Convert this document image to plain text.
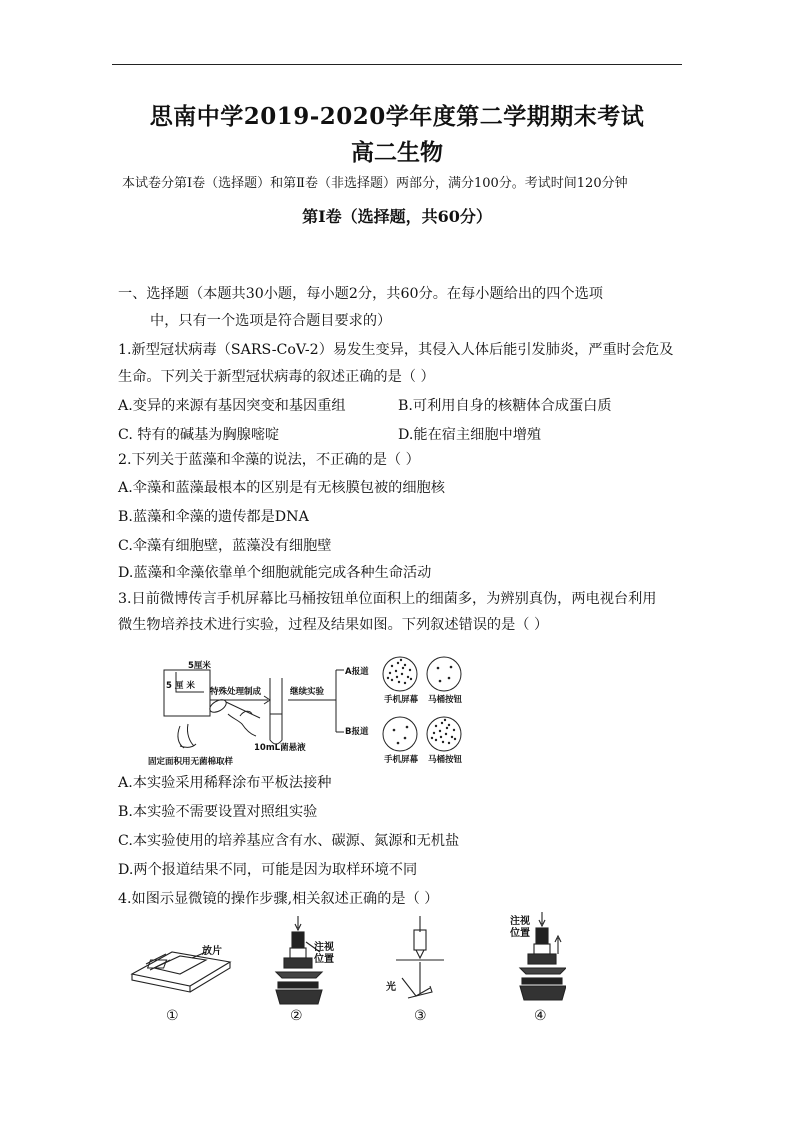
思南中学2019-2020学年度第二学期期末考试
高二生物
本试卷分第Ⅰ卷（选择题）和第Ⅱ卷（非选择题）两部分，满分100分。考试时间120分钟
第Ⅰ卷（选择题，共60分）
一、选择题（本题共30小题，每小题2分，共60分。在每小题给出的四个选项
中，只有一个选项是符合题目要求的）
1.新型冠状病毒（SARS-CoV-2）易发生变异，其侵入人体后能引发肺炎，严重时会危及
生命。下列关于新型冠状病毒的叙述正确的是（ ）
A.变异的来源有基因突变和基因重组	B.可利用自身的核糖体合成蛋白质
C. 特有的碱基为胸腺嘧啶	D.能在宿主细胞中增殖
2.下列关于蓝藻和伞藻的说法，不正确的是（ ）
A.伞藻和蓝藻最根本的区别是有无核膜包被的细胞核
B.蓝藻和伞藻的遗传都是DNA
C.伞藻有细胞壁，蓝藻没有细胞壁
D.蓝藻和伞藻依靠单个细胞就能完成各种生命活动
3.日前微博传言手机屏幕比马桶按钮单位面积上的细菌多，为辨别真伪，两电视台利用
微生物培养技术进行实验，过程及结果如图。下列叙述错误的是（ ）
5厘米
5 厘 米
特殊处理制成	继续实验
A报道
B报道
手机屏幕 马桶按钮
手机屏幕 马桶按钮
10mL菌悬液
固定面积用无菌棉取样
A.本实验采用稀释涂布平板法接种
B.本实验不需要设置对照组实验
C.本实验使用的培养基应含有水、碳源、氮源和无机盐
D.两个报道结果不同，可能是因为取样环境不同
4.如图示显微镜的操作步骤,相关叙述正确的是（ ）
放片	注视
位置
光
注视
位置
①	②	③	④
